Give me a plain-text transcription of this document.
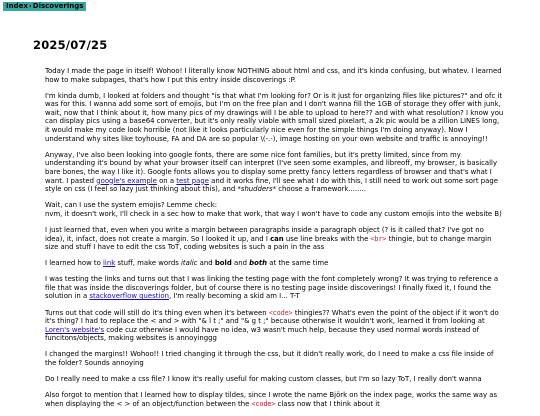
Index›Discoverings
2025/07/25

Today I made the page in itself! Wohoo! I literally know NOTHING about html and css, and it's kinda confusing, but whatev. I learned how to make subpages, that's how I put this entry inside discoverings :P.

I'm kinda dumb, I looked at folders and thought "is that what I'm looking for? Or is it just for organizing files like pictures?" and ofc it was for this. I wanna add some sort of emojis, but I'm on the free plan and I don't wanna fill the 1GB of storage they offer with junk, wait, now that I think about it, how many pics of my drawings will I be able to upload to here?? and with what resolution? I know you can display pics using a base64 converter, but it's only really viable with small sized pixelart, a 2k pic would be a zillion LINES long, it would make my code look horrible (not like it looks particularly nice even for the simple things I'm doing anyway). Now I understand why sites like toyhouse, FA and DA are so popular \(-.-), image hosting on your own website and traffic is annoying!!

Anyway, I've also been looking into google fonts, there are some nice font families, but it's pretty limited, since from my understanding it's bound by what your browser itself can interpret (I've seen some examples, and libreoff, my browser, is basically bare bones, the way I like it). Google fonts allows you to display some pretty fancy letters regardless of browser and that's what I want. I pasted google's example on a test page and it works fine, I'll see what I do with this, I still need to work out some sort page style on css (I feel so lazy just thinking about this), and *shudders* choose a framework........

Wait, can I use the system emojis? Lemme check:
nvm, it doesn't work, I'll check in a sec how to make that work, that way I won't have to code any custom emojis into the website B)

I just learned that, even when you write a margin between paragraphs inside a paragraph object (? is it called that? I've got no idea), it, infact, does not create a margin. So I looked it up, and I can use line breaks with the <br> thingie, but to change margin size and stuff I have to edit the css ToT, coding websites is such a pain in the ass

I learned how to link stuff, make words italic and bold and both at the same time

I was testing the links and turns out that I was linking the testing page with the font completely wrong? It was trying to reference a file that was inside the discoverings folder, but of course there is no testing page inside discoverings! I finally fixed it, I found the solution in a stackoverflow question, I'm really becoming a skid am I... T-T

Turns out that code will still do it's thing even when it's between <code> thingies?? What's even the point of the object if it won't do it's thing? I had to replace the < and > with "& l t ;" and "& g t ;" because otherwise it wouldn't work, learned it from looking at Loren's website's code cuz otherwise I would have no idea, w3 wasn't much help, because they used normal words instead of funcitons/objects, making websites is annoyinggg

I changed the margins!! Wohoo!! I tried changing it through the css, but it didn't really work, do I need to make a css file inside of the folder? Sounds annoying

Do I really need to make a css file? I know it's really useful for making custom classes, but I'm so lazy ToT, I really don't wanna

Also forgot to mention that I learned how to display tildes, since I wrote the name Björk on the index page, works the same way as when displaying the < > of an object/function between the <code> class now that I think about it
